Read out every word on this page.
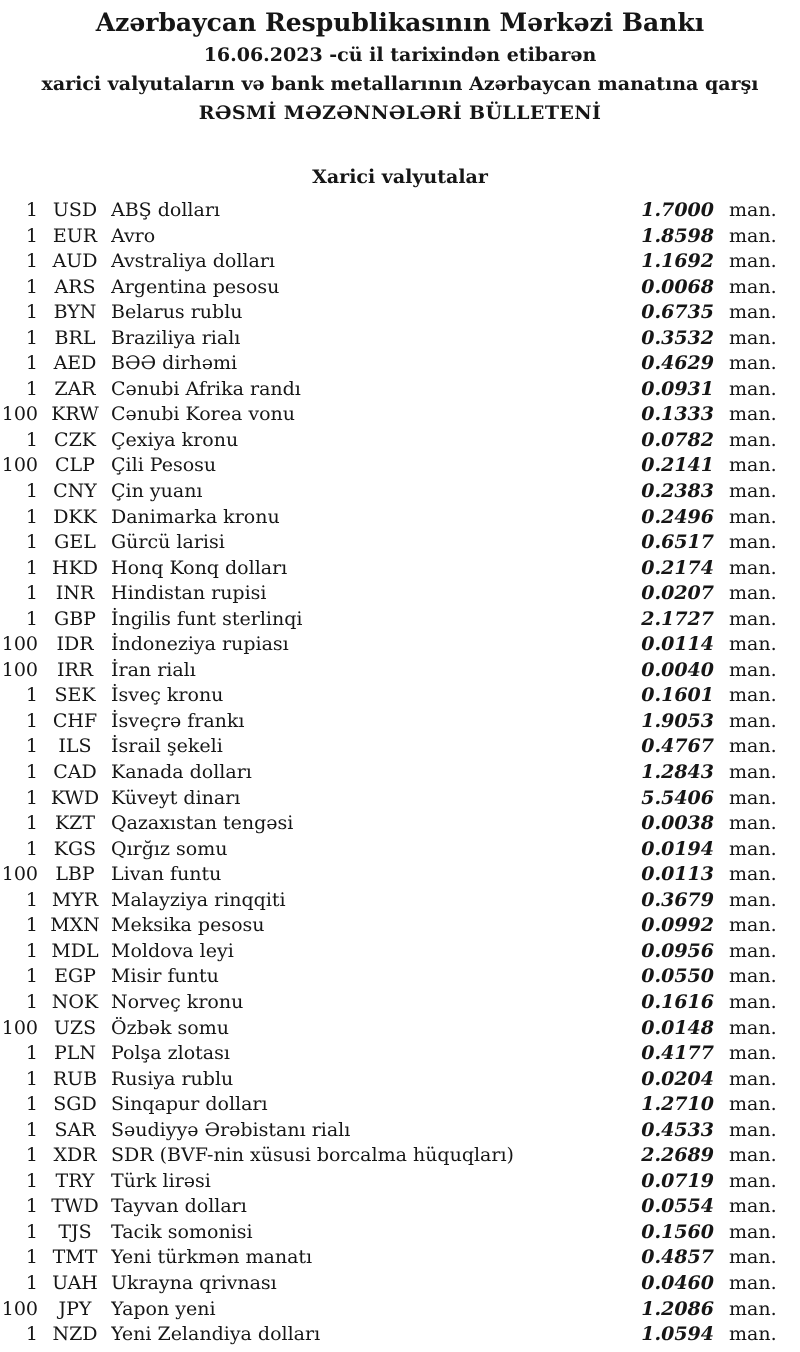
Azərbaycan Respublikasının Mərkəzi Bankı
16.06.2023 -cü il tarixindən etibarən
xarici valyutaların və bank metallarının Azərbaycan manatına qarşı
RƏSMİ MƏZƏNNƏLƏRİ BÜLLETENİ
Xarici valyutalar
1 USD ABŞ dolları	1.7000 man.
1 EUR Avro	1.8598 man.
1 AUD Avstraliya dolları	1.1692 man.
1 ARS Argentina pesosu	0.0068 man.
1 BYN Belarus rublu	0.6735 man.
1 BRL Braziliya rialı	0.3532 man.
1 AED BƏƏ dirhəmi	0.4629 man.
1 ZAR Cənubi Afrika randı	0.0931 man.
100 KRW Cənubi Korea vonu	0.1333 man.
1 CZK Çexiya kronu	0.0782 man.
100 CLP Çili Pesosu	0.2141 man.
1 CNY Çin yuanı	0.2383 man.
1 DKK Danimarka kronu	0.2496 man.
1 GEL Gürcü larisi	0.6517 man.
1 HKD Honq Konq dolları	0.2174 man.
1 INR Hindistan rupisi	0.0207 man.
1 GBP İngilis funt sterlinqi	2.1727 man.
100 IDR İndoneziya rupiası	0.0114 man.
100 IRR İran rialı	0.0040 man.
1 SEK İsveç kronu	0.1601 man.
1 CHF İsveçrə frankı	1.9053 man.
1	ILS	İsrail şekeli	0.4767 man.
1 CAD Kanada dolları	1.2843 man.
1 KWD Küveyt dinarı	5.5406 man.
1 KZT Qazaxıstan tengəsi	0.0038 man.
1 KGS Qırğız somu	0.0194 man.
100 LBP Livan funtu	0.0113 man.
1 MYR Malayziya rinqqiti	0.3679 man.
1 MXN Meksika pesosu	0.0992 man.
1 MDL Moldova leyi	0.0956 man.
1 EGP Misir funtu	0.0550 man.
1 NOK Norveç kronu	0.1616 man.
100 UZS Özbək somu	0.0148 man.
1 PLN Polşa zlotası	0.4177 man.
1 RUB Rusiya rublu	0.0204 man.
1 SGD Sinqapur dolları	1.2710 man.
1 SAR Səudiyyə Ərəbistanı rialı	0.4533 man.
1 XDR SDR (BVF-nin xüsusi borcalma hüquqları)	2.2689 man.
1 TRY Türk lirəsi	0.0719 man.
1 TWD Tayvan dolları	0.0554 man.
1	TJS	Tacik somonisi	0.1560 man.
1 TMT Yeni türkmən manatı	0.4857 man.
1 UAH Ukrayna qrivnası	0.0460 man.
100	JPY	Yapon yeni	1.2086 man.
1 NZD Yeni Zelandiya dolları	1.0594 man.
